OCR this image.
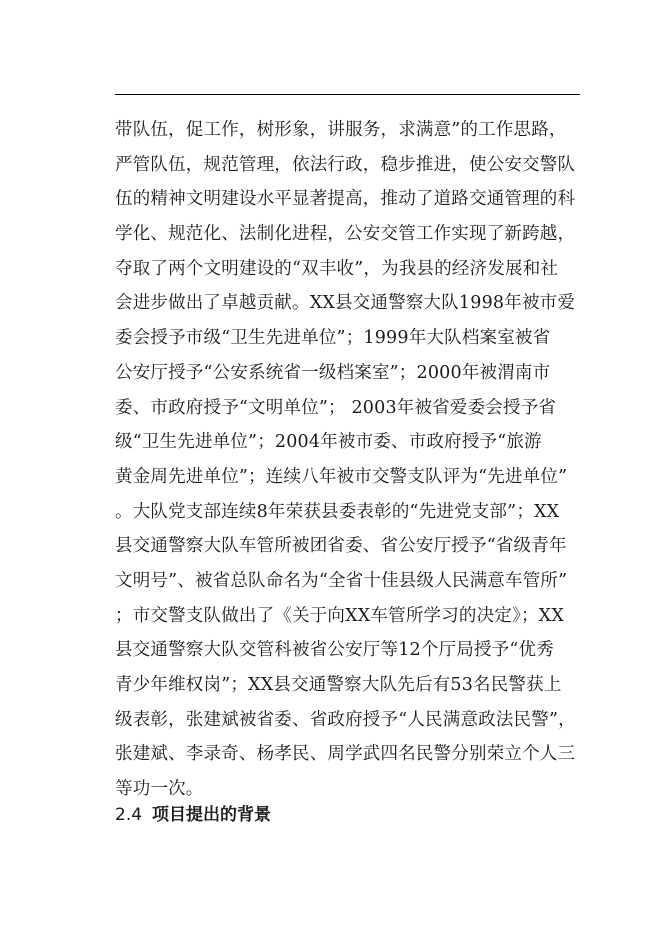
带队伍，促工作，树形象，讲服务，求满意”的工作思路，
严管队伍，规范管理，依法行政，稳步推进，使公安交警队
伍的精神文明建设水平显著提高，推动了道路交通管理的科
学化、规范化、法制化进程，公安交管工作实现了新跨越，
夺取了两个文明建设的“双丰收”，为我县的经济发展和社
会进步做出了卓越贡献。XX县交通警察大队1998年被市爱
委会授予市级“卫生先进单位”；1999年大队档案室被省
公安厅授予“公安系统省一级档案室”；2000年被渭南市
委、市政府授予“文明单位”； 2003年被省爱委会授予省
级“卫生先进单位”；2004年被市委、市政府授予“旅游
黄金周先进单位”；连续八年被市交警支队评为“先进单位”
。大队党支部连续8年荣获县委表彰的“先进党支部”；XX
县交通警察大队车管所被团省委、省公安厅授予“省级青年
文明号”、被省总队命名为“全省十佳县级人民满意车管所”
；市交警支队做出了《关于向XX车管所学习的决定》；XX
县交通警察大队交管科被省公安厅等12个厅局授予“优秀
青少年维权岗”；XX县交通警察大队先后有53名民警获上
级表彰，张建斌被省委、省政府授予“人民满意政法民警”，
张建斌、李录奇、杨孝民、周学武四名民警分别荣立个人三
等功一次。
2.4 项目提出的背景
